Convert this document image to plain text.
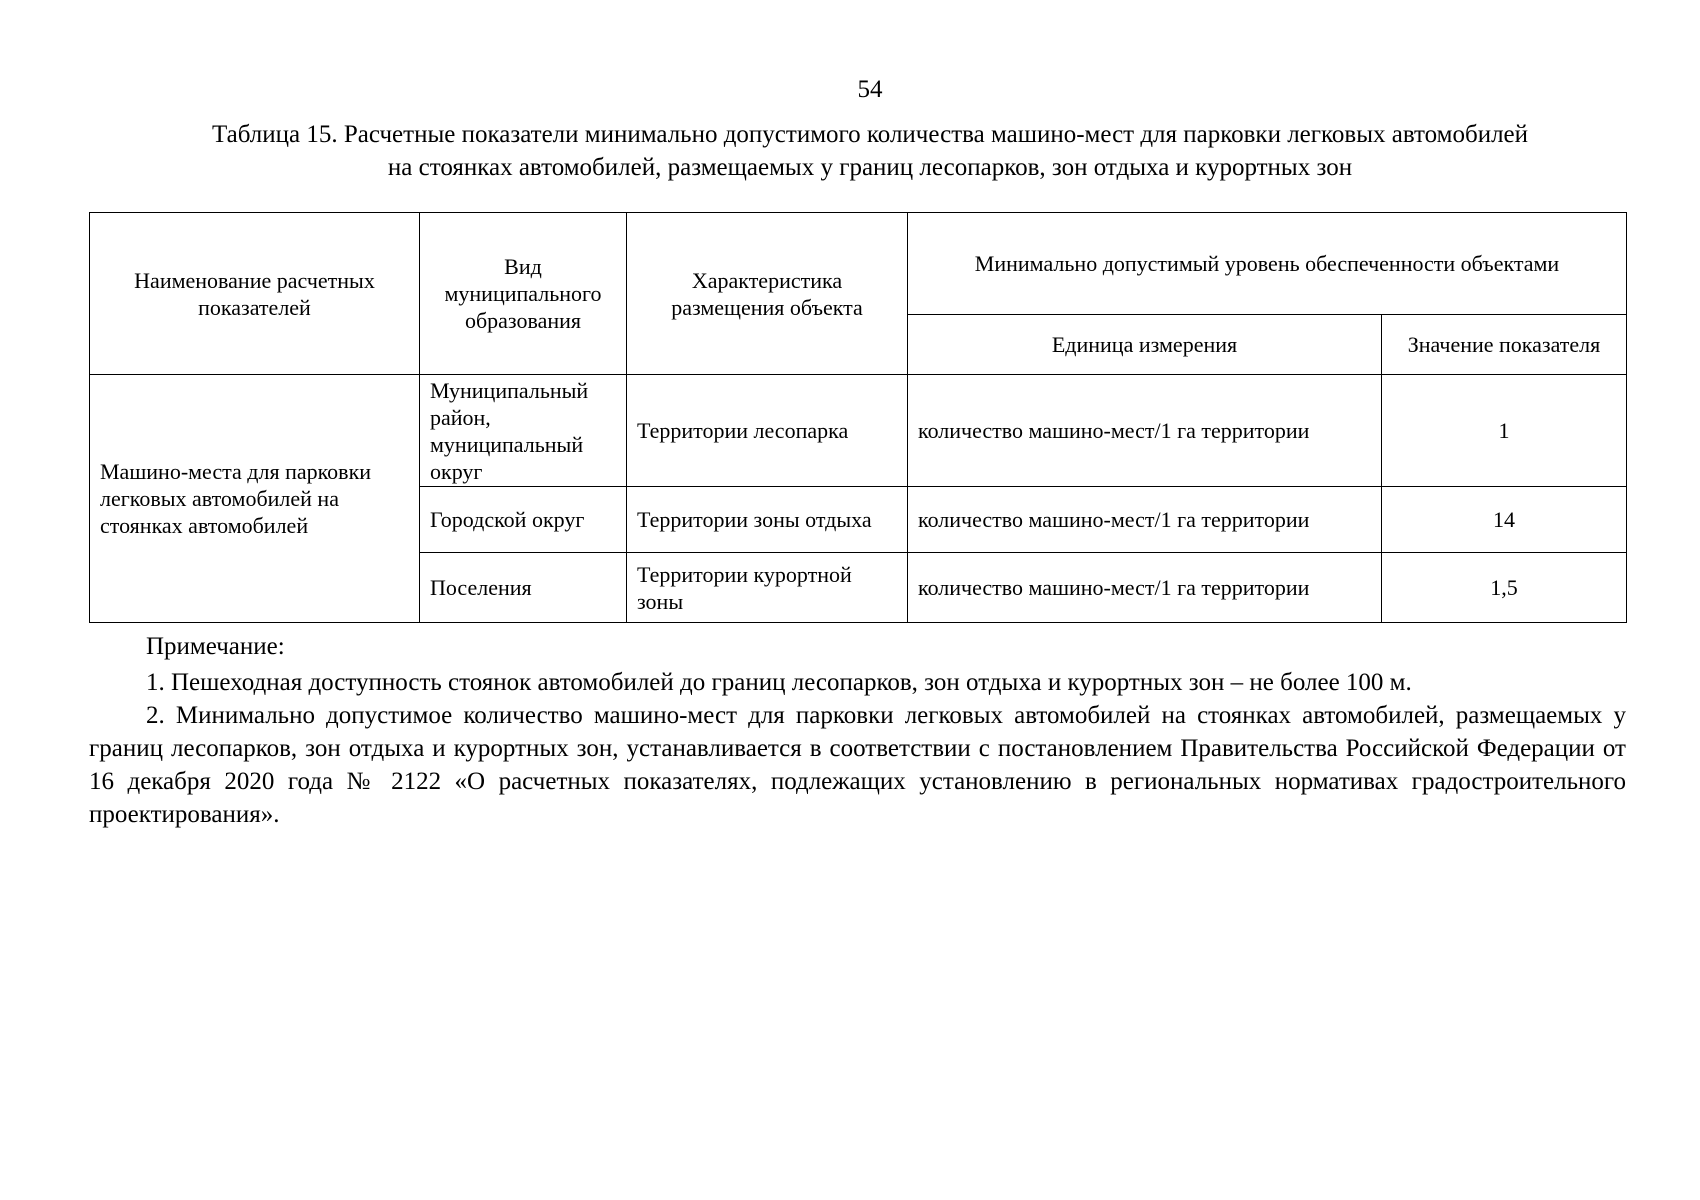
54
Таблица 15. Расчетные показатели минимально допустимого количества машино-мест для парковки легковых автомобилей
на стоянках автомобилей, размещаемых у границ лесопарков, зон отдыха и курортных зон
Наименование расчетных показателей	Вид муниципального образования	Характеристика размещения объекта	Минимально допустимый уровень обеспеченности объектами	
			Единица измерения	Значение показателя
Машино-места для парковки легковых автомобилей на стоянках автомобилей	Муниципальный район, муниципальный округ	Территории лесопарка	количество машино-мест/1 га территории	1
	Городской округ	Территории зоны отдыха	количество машино-мест/1 га территории	14
	Поселения	Территории курортной зоны	количество машино-мест/1 га территории	1,5
Примечание:

1. Пешеходная доступность стоянок автомобилей до границ лесопарков, зон отдыха и курортных зон – не более 100 м.

2. Минимально допустимое количество машино-мест для парковки легковых автомобилей на стоянках автомобилей, размещаемых у границ лесопарков, зон отдыха и курортных зон, устанавливается в соответствии с постановлением Правительства Российской Федерации от 16 декабря 2020 года № 2122 «О расчетных показателях, подлежащих установлению в региональных нормативах градостроительного проектирования».
